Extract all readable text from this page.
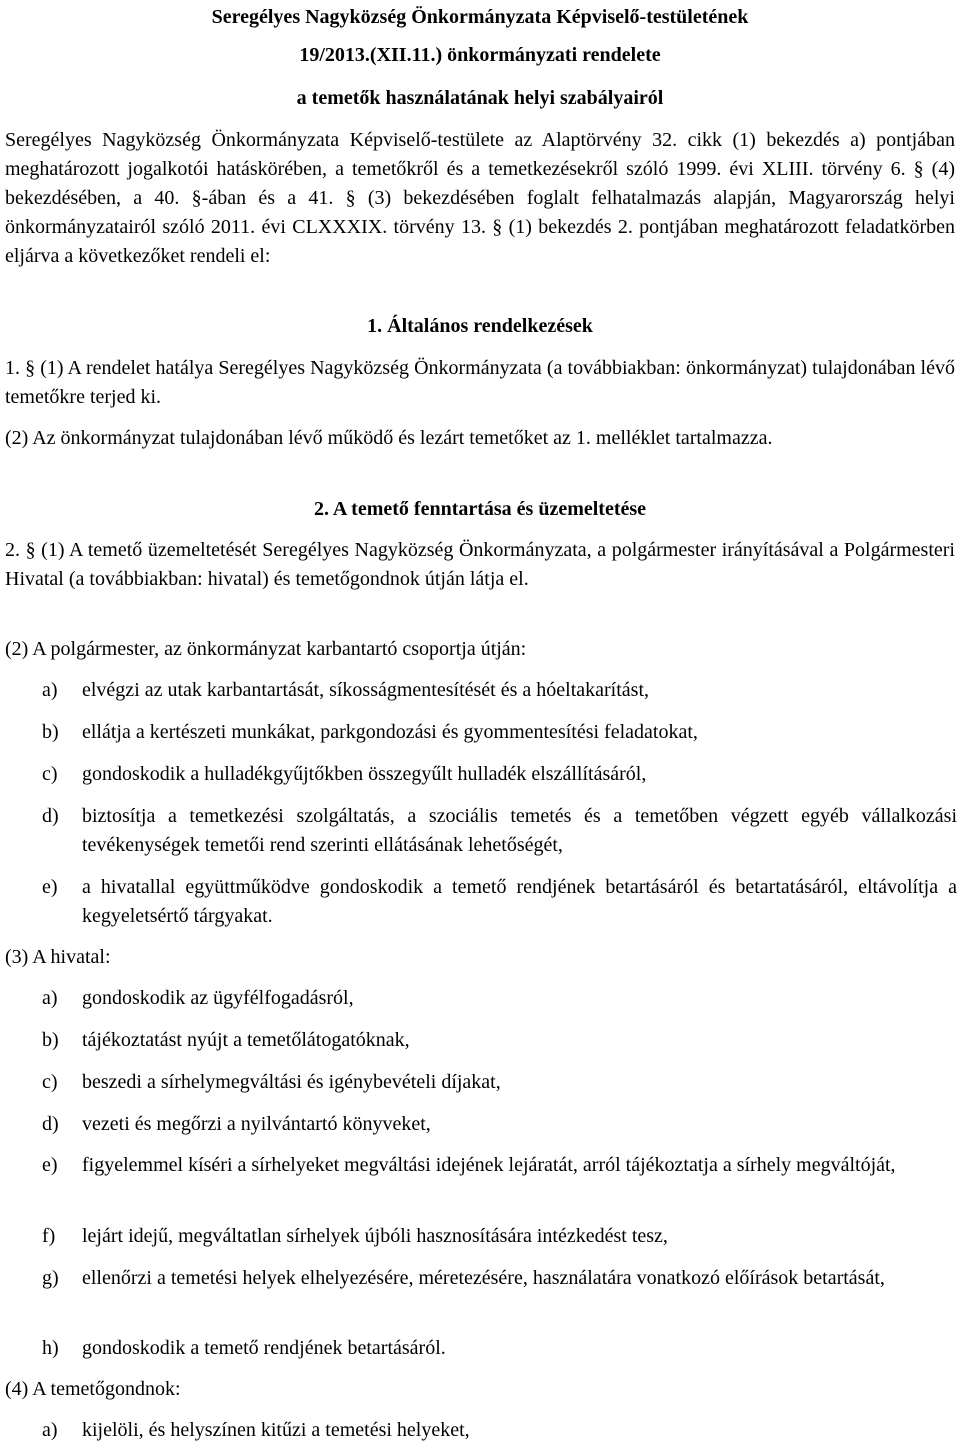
Seregélyes Nagyközség Önkormányzata Képviselő-testületének
19/2013.(XII.11.) önkormányzati rendelete
a temetők használatának helyi szabályairól
Seregélyes Nagyközség Önkormányzata Képviselő-testülete az Alaptörvény 32. cikk (1) bekezdés a) pontjában meghatározott jogalkotói hatáskörében, a temetőkről és a temetkezésekről szóló 1999. évi XLIII. törvény 6. § (4) bekezdésében, a 40. §-ában és a 41. § (3) bekezdésében foglalt felhatalmazás alapján, Magyarország helyi önkormányzatairól szóló 2011. évi CLXXXIX. törvény 13. § (1) bekezdés 2. pontjában meghatározott feladatkörben eljárva a következőket rendeli el:
1. Általános rendelkezések
1. § (1) A rendelet hatálya Seregélyes Nagyközség Önkormányzata (a továbbiakban: önkormányzat) tulajdonában lévő temetőkre terjed ki.
(2) Az önkormányzat tulajdonában lévő működő és lezárt temetőket az 1. melléklet tartalmazza.
2. A temető fenntartása és üzemeltetése
2. § (1) A temető üzemeltetését Seregélyes Nagyközség Önkormányzata, a polgármester irányításával a Polgármesteri Hivatal (a továbbiakban: hivatal) és temetőgondnok útján látja el.
(2) A polgármester, az önkormányzat karbantartó csoportja útján:
a)	elvégzi az utak karbantartását, síkosságmentesítését és a hóeltakarítást,
b)	ellátja a kertészeti munkákat, parkgondozási és gyommentesítési feladatokat,
c)	gondoskodik a hulladékgyűjtőkben összegyűlt hulladék elszállításáról,
d)	biztosítja a temetkezési szolgáltatás, a szociális temetés és a temetőben végzett egyéb vállalkozási tevékenységek temetői rend szerinti ellátásának lehetőségét,
e)	a hivatallal együttműködve gondoskodik a temető rendjének betartásáról és betartatásáról, eltávolítja a kegyeletsértő tárgyakat.
(3) A hivatal:
a)	gondoskodik az ügyfélfogadásról,
b)	tájékoztatást nyújt a temetőlátogatóknak,
c)	beszedi a sírhelymegváltási és igénybevételi díjakat,
d)	vezeti és megőrzi a nyilvántartó könyveket,
e)	figyelemmel kíséri a sírhelyeket megváltási idejének lejáratát, arról tájékoztatja a sírhely megváltóját,
f)	lejárt idejű, megváltatlan sírhelyek újbóli hasznosítására intézkedést tesz,
g)	ellenőrzi a temetési helyek elhelyezésére, méretezésére, használatára vonatkozó előírások betartását,
h)	gondoskodik a temető rendjének betartásáról.
(4) A temetőgondnok:
a)	kijelöli, és helyszínen kitűzi a temetési helyeket,
